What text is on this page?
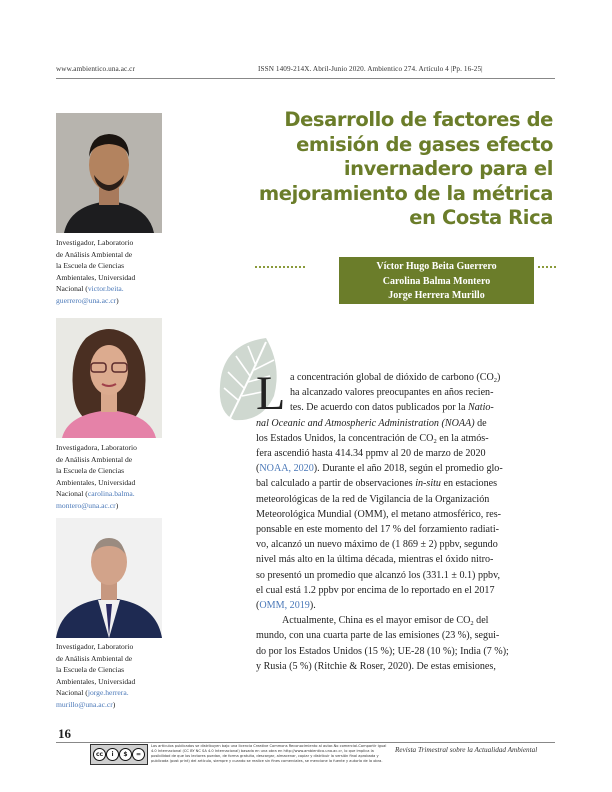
www.ambientico.una.ac.cr	ISSN 1409-214X. Abril-Junio 2020. Ambientico 274. Artículo 4 |Pp. 16-25|
Desarrollo de factores de
emisión de gases efecto
invernadero para el
mejoramiento de la métrica
en Costa Rica
Víctor Hugo Beita Guerrero
Carolina Balma Montero
Jorge Herrera Murillo
Investigador, Laboratorio
de Análisis Ambiental de
la Escuela de Ciencias
Ambientales, Universidad
Nacional (victor.beita.
guerrero@una.ac.cr)
Investigadora, Laboratorio
de Análisis Ambiental de
la Escuela de Ciencias
Ambientales, Universidad
Nacional (carolina.balma.
montero@una.ac.cr)
Investigador, Laboratorio
de Análisis Ambiental de
la Escuela de Ciencias
Ambientales, Universidad
Nacional (jorge.herrera.
murillo@una.ac.cr)
L a concentración global de dióxido de carbono $(CO_2)$
ha alcanzado valores preocupantes en años recien-
tes. De acuerdo con datos publicados por la Natio-
nal Oceanic and Atmospheric Administration (NOAA) de
los Estados Unidos, la concentración de $CO_2$ en la atmós-
fera ascendió hasta 414.34 ppmv al 20 de marzo de 2020
(NOAA, 2020). Durante el año 2018, según el promedio glo-
bal calculado a partir de observaciones in-situ en estaciones
meteorológicas de la red de Vigilancia de la Organización
Meteorológica Mundial (OMM), el metano atmosférico, res-
ponsable en este momento del 17 % del forzamiento radiati-
vo, alcanzó un nuevo máximo de (1 869 ± 2) ppbv, segundo
nivel más alto en la última década, mientras el óxido nitro-
so presentó un promedio que alcanzó los (331.1 ± 0.1) ppbv,
el cual está 1.2 ppbv por encima de lo reportado en el 2017
(OMM, 2019).
Actualmente, China es el mayor emisor de $CO_2$ del
mundo, con una cuarta parte de las emisiones (23 %), segui-
do por los Estados Unidos (15 %); UE-28 (10 %); India (7 %);
y Rusia (5 %) (Ritchie & Roser, 2020). De estas emisiones,
16
cc	i	$	=
Los artículos publicados se distribuyen bajo una licencia Creative Commons Reconocimiento al autor-No comercial-Compartir igual 4.0 Internacional (CC BY NC SA 4.0 Internacional) basada en una obra en http://www.ambientico.una.ac.cr, lo que implica la posibilidad de que los lectores puedan, de forma gratuita, descargar, almacenar, copiar y distribuir la versión final aprobada y publicada (post print) del artículo, siempre y cuando se realice sin fines comerciales, se mencione la fuente y autoría de la obra.
Revista Trimestral sobre la Actualidad Ambiental
